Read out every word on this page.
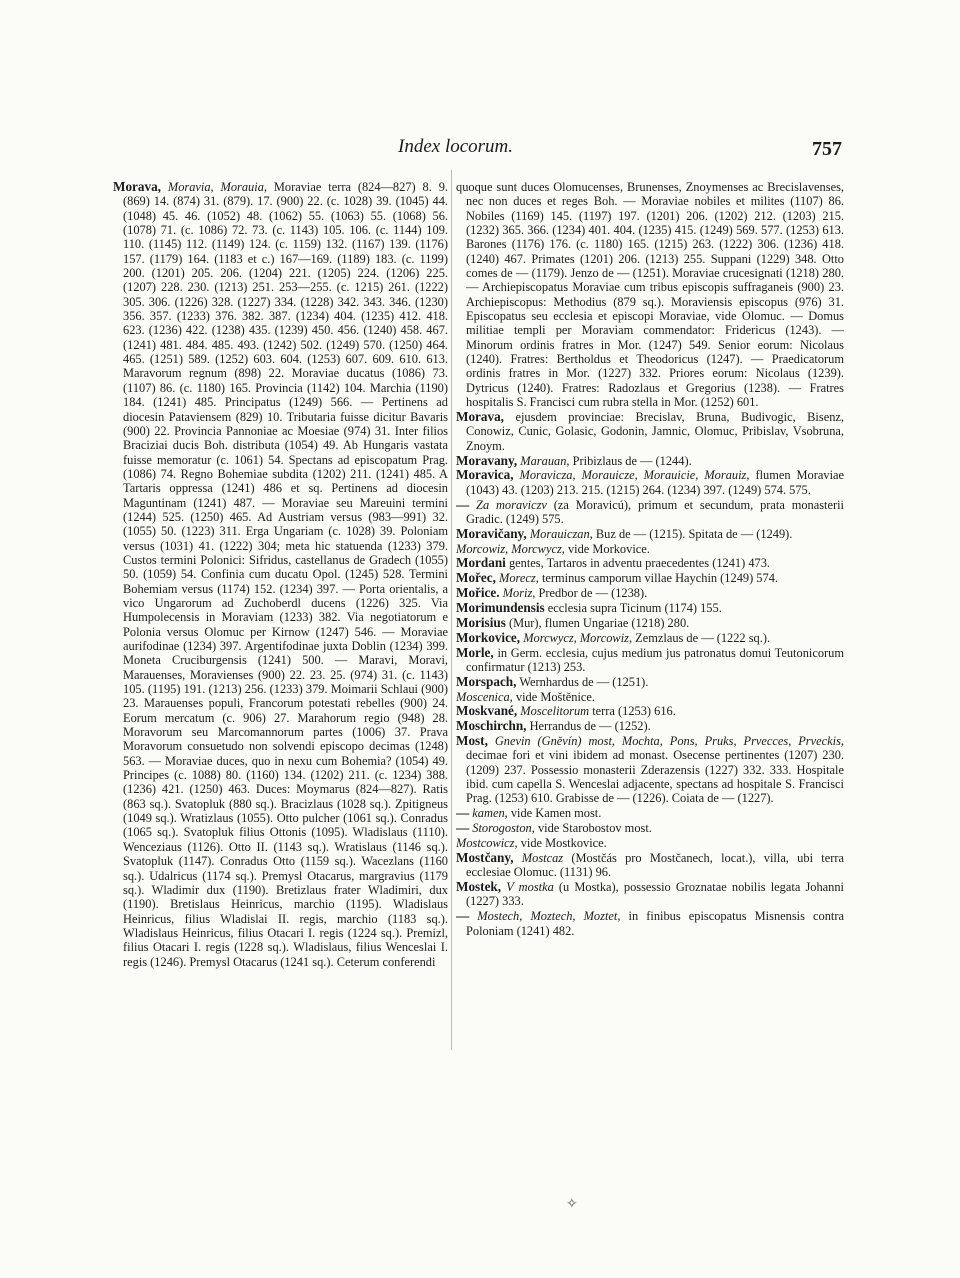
Index locorum.	757

Morava, Moravia, Morauia, Moraviae terra (824—827) 8. 9. (869) 14. (874) 31. (879). 17. (900) 22. (c. 1028) 39. (1045) 44. (1048) 45. 46. (1052) 48. (1062) 55. (1063) 55. (1068) 56. (1078) 71. (c. 1086) 72. 73. (c. 1143) 105. 106. (c. 1144) 109. 110. (1145) 112. (1149) 124. (c. 1159) 132. (1167) 139. (1176) 157. (1179) 164. (1183 et c.) 167—169. (1189) 183. (c. 1199) 200. (1201) 205. 206. (1204) 221. (1205) 224. (1206) 225. (1207) 228. 230. (1213) 251. 253—255. (c. 1215) 261. (1222) 305. 306. (1226) 328. (1227) 334. (1228) 342. 343. 346. (1230) 356. 357. (1233) 376. 382. 387. (1234) 404. (1235) 412. 418. 623. (1236) 422. (1238) 435. (1239) 450. 456. (1240) 458. 467. (1241) 481. 484. 485. 493. (1242) 502. (1249) 570. (1250) 464. 465. (1251) 589. (1252) 603. 604. (1253) 607. 609. 610. 613. Maravorum regnum (898) 22. Moraviae ducatus (1086) 73. (1107) 86. (c. 1180) 165. Provincia (1142) 104. Marchia (1190) 184. (1241) 485. Principatus (1249) 566. — Pertinens ad diocesin Pataviensem (829) 10. Tributaria fuisse dicitur Bavaris (900) 22. Provincia Pannoniae ac Moesiae (974) 31. Inter filios Braciziai ducis Boh. distributa (1054) 49. Ab Hungaris vastata fuisse memoratur (c. 1061) 54. Spectans ad episcopatum Prag. (1086) 74. Regno Bohemiae subdita (1202) 211. (1241) 485. A Tartaris oppressa (1241) 486 et sq. Pertinens ad diocesin Maguntinam (1241) 487. — Moraviae seu Mareuini termini (1244) 525. (1250) 465. Ad Austriam versus (983—991) 32. (1055) 50. (1223) 311. Erga Ungariam (c. 1028) 39. Poloniam versus (1031) 41. (1222) 304; meta hic statuenda (1233) 379. Custos termini Polonici: Sifridus, castellanus de Gradech (1055) 50. (1059) 54. Confinia cum ducatu Opol. (1245) 528. Termini Bohemiam versus (1174) 152. (1234) 397. — Porta orientalis, a vico Ungarorum ad Zuchoberdl ducens (1226) 325. Via Humpolecensis in Moraviam (1233) 382. Via negotiatorum e Polonia versus Olomuc per Kirnow (1247) 546. — Moraviae aurifodinae (1234) 397. Argentifodinae juxta Doblin (1234) 399. Moneta Cruciburgensis (1241) 500. — Maravi, Moravi, Marauenses, Moravienses (900) 22. 23. 25. (974) 31. (c. 1143) 105. (1195) 191. (1213) 256. (1233) 379. Moimarii Schlaui (900) 23. Marauenses populi, Francorum potestati rebelles (900) 24. Eorum mercatum (c. 906) 27. Marahorum regio (948) 28. Moravorum seu Marcomannorum partes (1006) 37. Prava Moravorum consuetudo non solvendi episcopo decimas (1248) 563. — Moraviae duces, quo in nexu cum Bohemia? (1054) 49. Principes (c. 1088) 80. (1160) 134. (1202) 211. (c. 1234) 388. (1236) 421. (1250) 463. Duces: Moymarus (824—827). Ratis (863 sq.). Svatopluk (880 sq.). Bracizlaus (1028 sq.). Zpitigneus (1049 sq.). Wratizlaus (1055). Otto pulcher (1061 sq.). Conradus (1065 sq.). Svatopluk filius Ottonis (1095). Wladislaus (1110). Wenceziaus (1126). Otto II. (1143 sq.). Wratislaus (1146 sq.). Svatopluk (1147). Conradus Otto (1159 sq.). Wacezlans (1160 sq.). Udalricus (1174 sq.). Premysl Otacarus, margravius (1179 sq.). Wladimir dux (1190). Bretizlaus frater Wladimiri, dux (1190). Bretislaus Heinricus, marchio (1195). Wladislaus Heinricus, filius Wladislai II. regis, marchio (1183 sq.). Wladislaus Heinricus, filius Otacari I. regis (1224 sq.). Premizl, filius Otacari I. regis (1228 sq.). Wladislaus, filius Wenceslai I. regis (1246). Premysl Otacarus (1241 sq.). Ceterum conferendi

quoque sunt duces Olomucenses, Brunenses, Znoymenses ac Brecislavenses, nec non duces et reges Boh. — Moraviae nobiles et milites (1107) 86. Nobiles (1169) 145. (1197) 197. (1201) 206. (1202) 212. (1203) 215. (1232) 365. 366. (1234) 401. 404. (1235) 415. (1249) 569. 577. (1253) 613. Barones (1176) 176. (c. 1180) 165. (1215) 263. (1222) 306. (1236) 418. (1240) 467. Primates (1201) 206. (1213) 255. Suppani (1229) 348. Otto comes de — (1179). Jenzo de — (1251). Moraviae crucesignati (1218) 280. — Archiepiscopatus Moraviae cum tribus episcopis suffraganeis (900) 23. Archiepiscopus: Methodius (879 sq.). Moraviensis episcopus (976) 31. Episcopatus seu ecclesia et episcopi Moraviae, vide Olomuc. — Domus militiae templi per Moraviam commendator: Fridericus (1243). — Minorum ordinis fratres in Mor. (1247) 549. Senior eorum: Nicolaus (1240). Fratres: Bertholdus et Theodoricus (1247). — Praedicatorum ordinis fratres in Mor. (1227) 332. Priores eorum: Nicolaus (1239). Dytricus (1240). Fratres: Radozlaus et Gregorius (1238). — Fratres hospitalis S. Francisci cum rubra stella in Mor. (1252) 601.

Morava, ejusdem provinciae: Brecislav, Bruna, Budivogic, Bisenz, Conowiz, Cunic, Golasic, Godonin, Jamnic, Olomuc, Pribislav, Vsobruna, Znoym.

Moravany, Marauan, Pribizlaus de — (1244).

Moravica, Moravicza, Morauicze, Morauicie, Morauiz, flumen Moraviae (1043) 43. (1203) 213. 215. (1215) 264. (1234) 397. (1249) 574. 575.

— Za moraviczv (za Moravicú), primum et secundum, prata monasterii Gradic. (1249) 575.

Moravičany, Morauiczan, Buz de — (1215). Spitata de — (1249).

Morcowiz, Morcwycz, vide Morkovice.

Mordani gentes, Tartaros in adventu praecedentes (1241) 473.

Mořec, Morecz, terminus camporum villae Haychin (1249) 574.

Mořice. Moriz, Predbor de — (1238).

Morimundensis ecclesia supra Ticinum (1174) 155.

Morisius (Mur), flumen Ungariae (1218) 280.

Morkovice, Morcwycz, Morcowiz, Zemzlaus de — (1222 sq.).

Morle, in Germ. ecclesia, cujus medium jus patronatus domui Teutonicorum confirmatur (1213) 253.

Morspach, Wernhardus de — (1251).

Moscenica, vide Moštěnice.

Moskvané, Moscelitorum terra (1253) 616.

Moschirchn, Herrandus de — (1252).

Most, Gnevin (Gněvín) most, Mochta, Pons, Pruks, Prvecces, Prveckis, decimae fori et vini ibidem ad monast. Osecense pertinentes (1207) 230. (1209) 237. Possessio monasterii Zderazensis (1227) 332. 333. Hospitale ibid. cum capella S. Wenceslai adjacente, spectans ad hospitale S. Francisci Prag. (1253) 610. Grabisse de — (1226). Coiata de — (1227).

— kamen, vide Kamen most.

— Storogoston, vide Starobostov most.

Mostcowicz, vide Mostkovice.

Mostčany, Mostcaz (Mostčás pro Mostčanech, locat.), villa, ubi terra ecclesiae Olomuc. (1131) 96.

Mostek, V mostka (u Mostka), possessio Groznatae nobilis legata Johanni (1227) 333.

— Mostech, Moztech, Moztet, in finibus episcopatus Misnensis contra Poloniam (1241) 482.

✧
